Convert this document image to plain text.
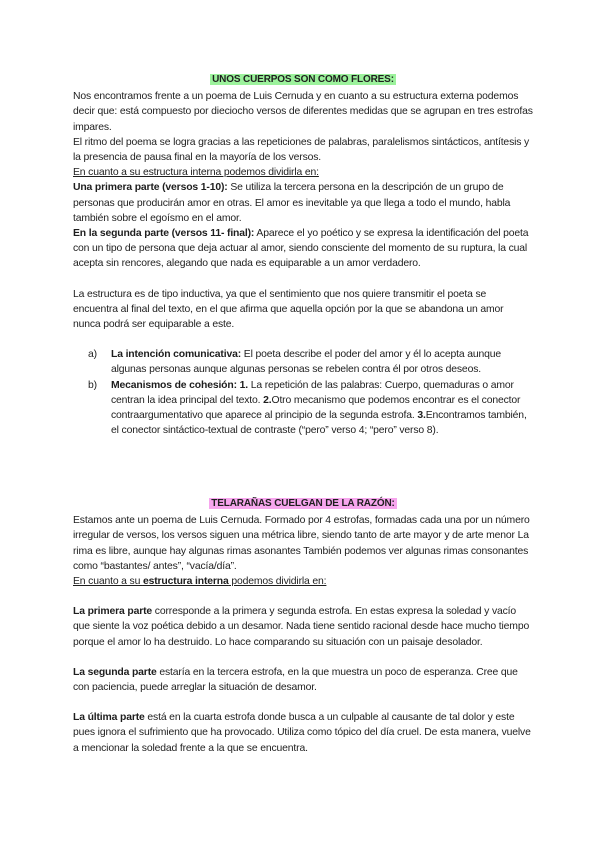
UNOS CUERPOS SON COMO FLORES:

Nos encontramos frente a un poema de Luis Cernuda y en cuanto a su estructura externa podemos decir que: está compuesto por dieciocho versos de diferentes medidas que se agrupan en tres estrofas impares.

El ritmo del poema se logra gracias a las repeticiones de palabras, paralelismos sintácticos, antítesis y la presencia de pausa final en la mayoría de los versos.

En cuanto a su estructura interna podemos dividirla en:

Una primera parte (versos 1-10): Se utiliza la tercera persona en la descripción de un grupo de personas que producirán amor en otras. El amor es inevitable ya que llega a todo el mundo, habla también sobre el egoísmo en el amor.

En la segunda parte (versos 11- final): Aparece el yo poético y se expresa la identificación del poeta con un tipo de persona que deja actuar al amor, siendo consciente del momento de su ruptura, la cual acepta sin rencores, alegando que nada es equiparable a un amor verdadero.

La estructura es de tipo inductiva, ya que el sentimiento que nos quiere transmitir el poeta se encuentra al final del texto, en el que afirma que aquella opción por la que se abandona un amor nunca podrá ser equiparable a este.

a) La intención comunicativa: El poeta describe el poder del amor y él lo acepta aunque algunas personas aunque algunas personas se rebelen contra él por otros deseos.
b) Mecanismos de cohesión: 1. La repetición de las palabras: Cuerpo, quemaduras o amor centran la idea principal del texto. 2.Otro mecanismo que podemos encontrar es el conector contraargumentativo que aparece al principio de la segunda estrofa. 3.Encontramos también, el conector sintáctico-textual de contraste (“pero” verso 4; “pero” verso 8).

TELARAÑAS CUELGAN DE LA RAZÓN:

Estamos ante un poema de Luis Cernuda. Formado por 4 estrofas, formadas cada una por un número irregular de versos, los versos siguen una métrica libre, siendo tanto de arte mayor y de arte menor La rima es libre, aunque hay algunas rimas asonantes También podemos ver algunas rimas consonantes como “bastantes/ antes”, “vacía/día”.

En cuanto a su estructura interna podemos dividirla en:

La primera parte corresponde a la primera y segunda estrofa. En estas expresa la soledad y vacío que siente la voz poética debido a un desamor. Nada tiene sentido racional desde hace mucho tiempo porque el amor lo ha destruido. Lo hace comparando su situación con un paisaje desolador.

La segunda parte estaría en la tercera estrofa, en la que muestra un poco de esperanza. Cree que con paciencia, puede arreglar la situación de desamor.

La última parte está en la cuarta estrofa donde busca a un culpable al causante de tal dolor y este pues ignora el sufrimiento que ha provocado. Utiliza como tópico del día cruel. De esta manera, vuelve a mencionar la soledad frente a la que se encuentra.
